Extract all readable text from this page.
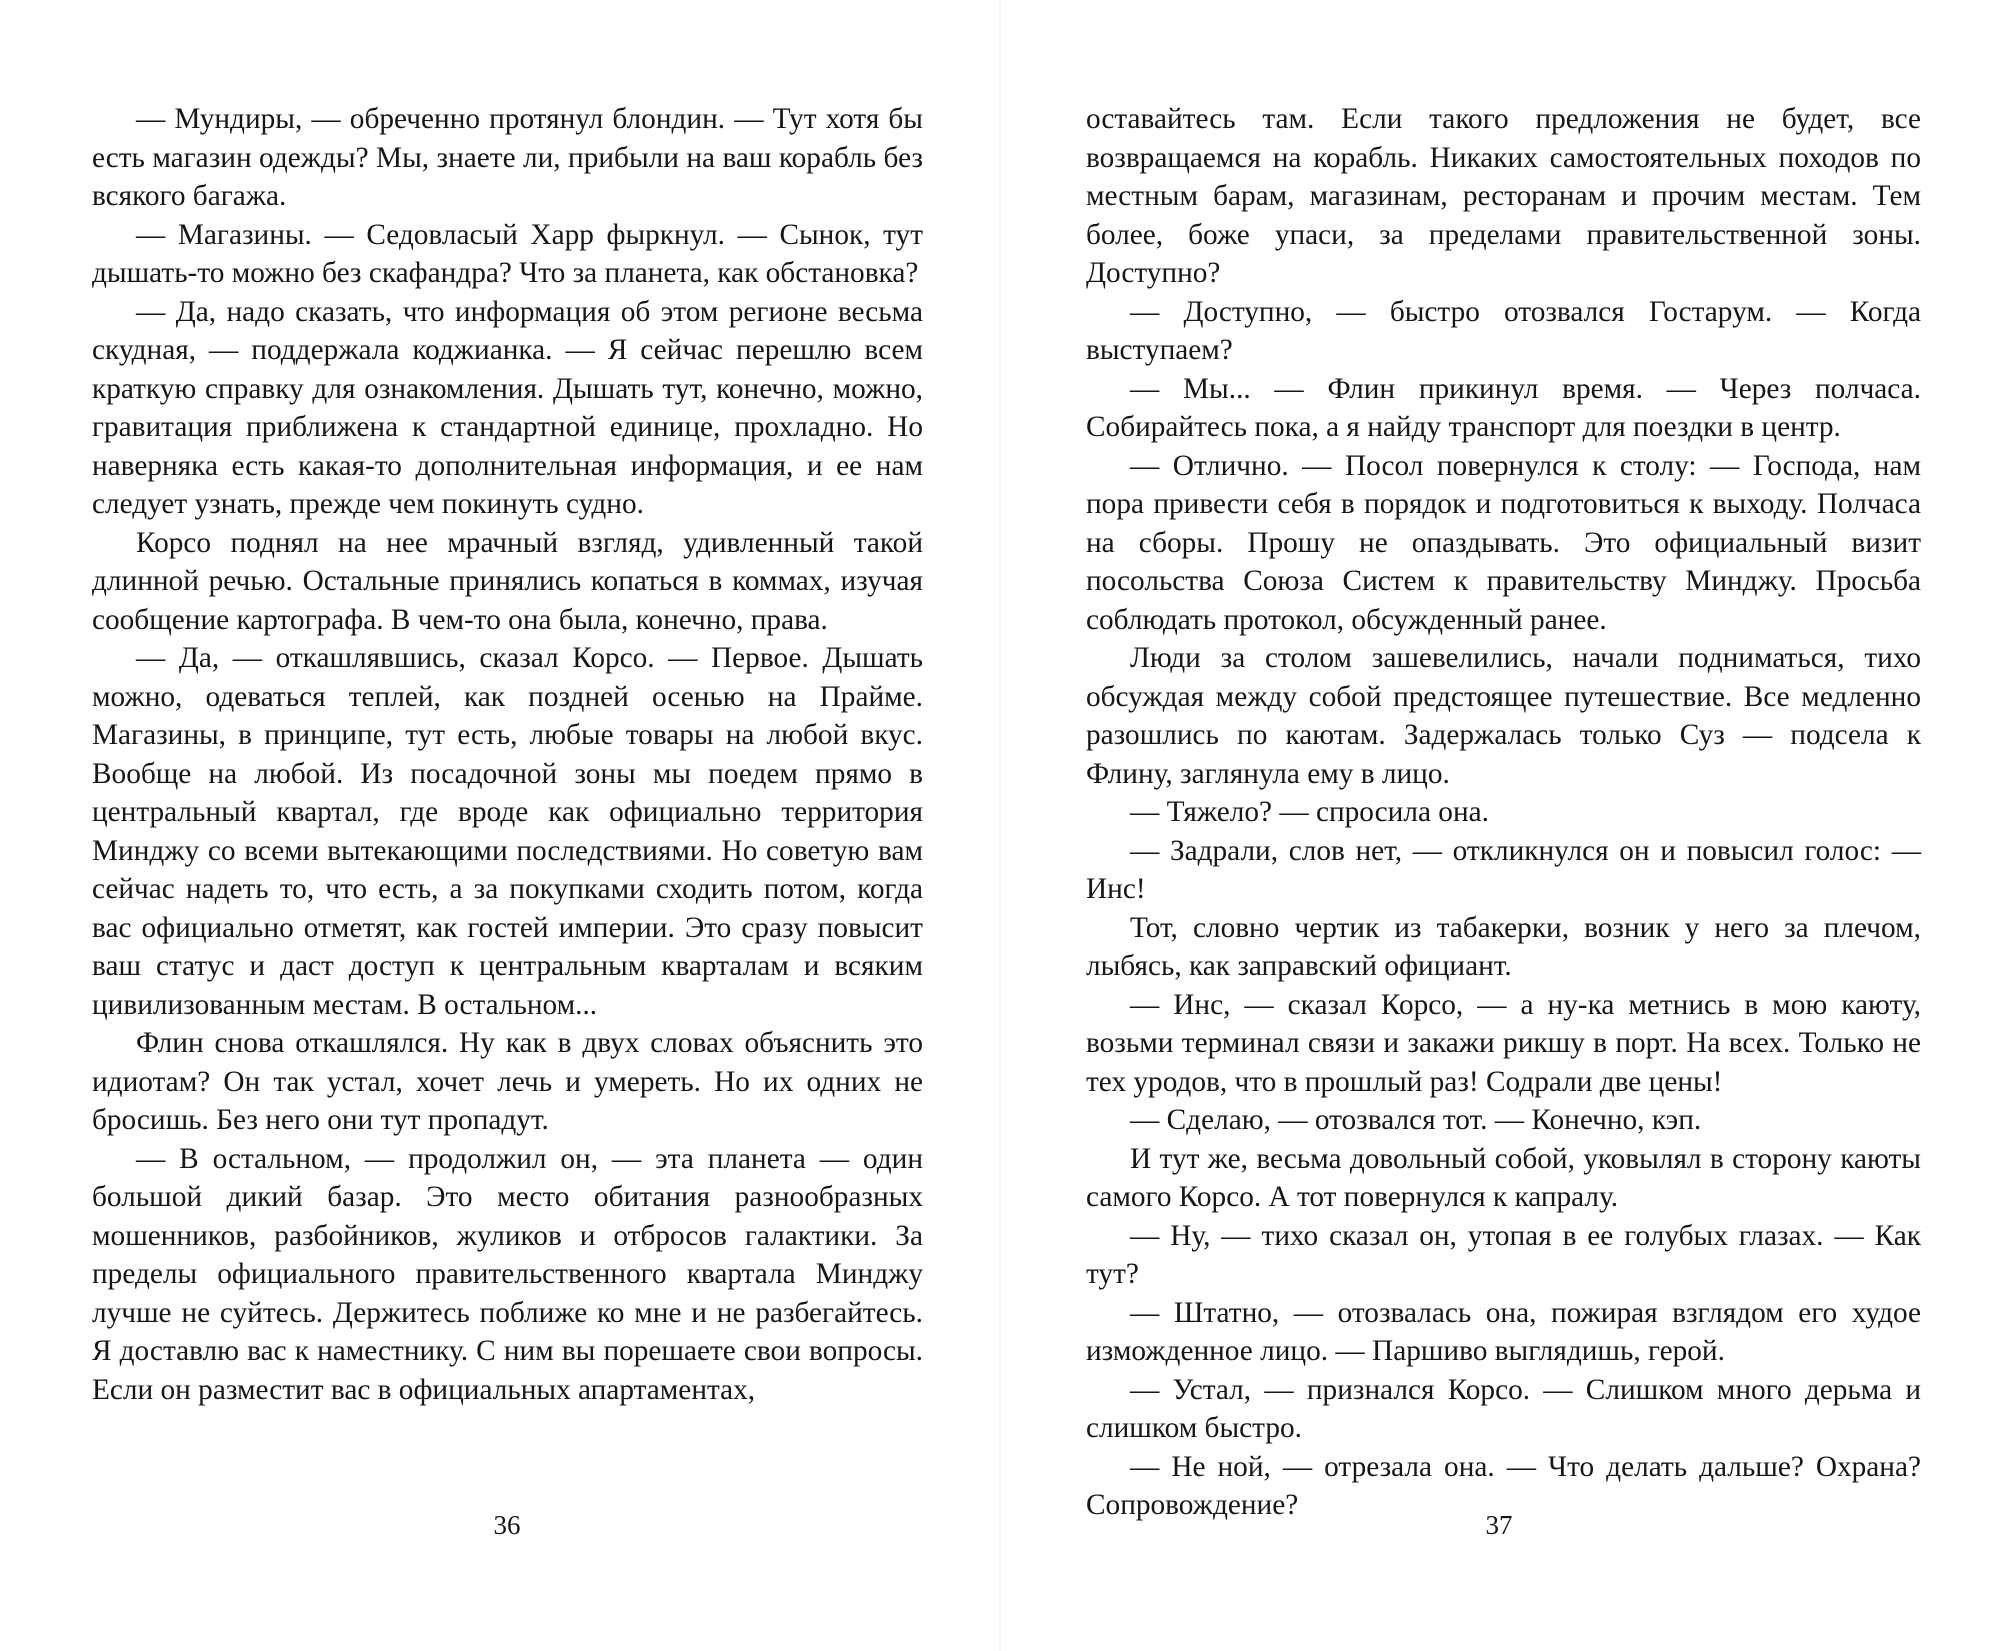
— Мундиры, — обреченно протянул блондин. — Тут хотя бы есть магазин одежды? Мы, знаете ли, прибыли на ваш корабль без всякого багажа.

— Магазины. — Седовласый Харр фыркнул. — Сынок, тут дышать-то можно без скафандра? Что за планета, как обстановка?

— Да, надо сказать, что информация об этом регионе весьма скудная, — поддержала коджианка. — Я сейчас перешлю всем краткую справку для ознакомления. Дышать тут, конечно, можно, гравитация приближена к стандартной единице, прохладно. Но наверняка есть какая-то дополнительная информация, и ее нам следует узнать, прежде чем покинуть судно.

Корсо поднял на нее мрачный взгляд, удивленный такой длинной речью. Остальные принялись копаться в коммах, изучая сообщение картографа. В чем-то она была, конечно, права.

— Да, — откашлявшись, сказал Корсо. — Первое. Дышать можно, одеваться теплей, как поздней осенью на Прайме. Магазины, в принципе, тут есть, любые товары на любой вкус. Вообще на любой. Из посадочной зоны мы поедем прямо в центральный квартал, где вроде как официально территория Минджу со всеми вытекающими последствиями. Но советую вам сейчас надеть то, что есть, а за покупками сходить потом, когда вас официально отметят, как гостей империи. Это сразу повысит ваш статус и даст доступ к центральным кварталам и всяким цивилизованным местам. В остальном...

Флин снова откашлялся. Ну как в двух словах объяснить это идиотам? Он так устал, хочет лечь и умереть. Но их одних не бросишь. Без него они тут пропадут.

— В остальном, — продолжил он, — эта планета — один большой дикий базар. Это место обитания разнообразных мошенников, разбойников, жуликов и отбросов галактики. За пределы официального правительственного квартала Минджу лучше не суйтесь. Держитесь поближе ко мне и не разбегайтесь. Я доставлю вас к наместнику. С ним вы порешаете свои вопросы. Если он разместит вас в официальных апартаментах,

36

оставайтесь там. Если такого предложения не будет, все возвращаемся на корабль. Никаких самостоятельных походов по местным барам, магазинам, ресторанам и прочим местам. Тем более, боже упаси, за пределами правительственной зоны. Доступно?

— Доступно, — быстро отозвался Гостарум. — Когда выступаем?

— Мы... — Флин прикинул время. — Через полчаса. Собирайтесь пока, а я найду транспорт для поездки в центр.

— Отлично. — Посол повернулся к столу: — Господа, нам пора привести себя в порядок и подготовиться к выходу. Полчаса на сборы. Прошу не опаздывать. Это официальный визит посольства Союза Систем к правительству Минджу. Просьба соблюдать протокол, обсужденный ранее.

Люди за столом зашевелились, начали подниматься, тихо обсуждая между собой предстоящее путешествие. Все медленно разошлись по каютам. Задержалась только Суз — подсела к Флину, заглянула ему в лицо.

— Тяжело? — спросила она.

— Задрали, слов нет, — откликнулся он и повысил голос: — Инс!

Тот, словно чертик из табакерки, возник у него за плечом, лыбясь, как заправский официант.

— Инс, — сказал Корсо, — а ну-ка метнись в мою каюту, возьми терминал связи и закажи рикшу в порт. На всех. Только не тех уродов, что в прошлый раз! Содрали две цены!

— Сделаю, — отозвался тот. — Конечно, кэп.

И тут же, весьма довольный собой, уковылял в сторону каюты самого Корсо. А тот повернулся к капралу.

— Ну, — тихо сказал он, утопая в ее голубых глазах. — Как тут?

— Штатно, — отозвалась она, пожирая взглядом его худое изможденное лицо. — Паршиво выглядишь, герой.

— Устал, — признался Корсо. — Слишком много дерьма и слишком быстро.

— Не ной, — отрезала она. — Что делать дальше? Охрана? Сопровождение?

37
